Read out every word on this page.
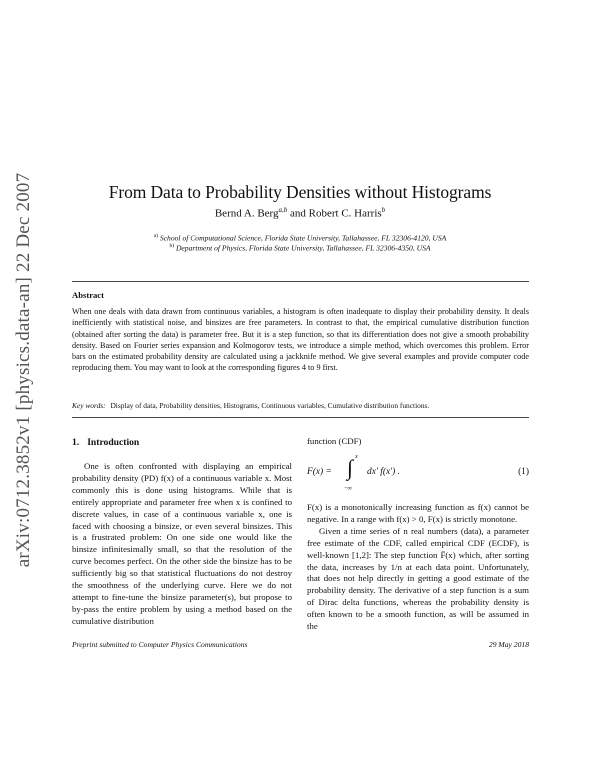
arXiv:0712.3852v1 [physics.data-an] 22 Dec 2007	From Data to Probability Densities without Histograms
Bernd A. Berg$^{a,b}$ and Robert C. Harris$^b$
$^{a)}$ School of Computational Science, Florida State University, Tallahassee, FL 32306-4120, USA
$^{b)}$ Department of Physics, Florida State University, Tallahassee, FL 32306-4350, USA
Abstract
When one deals with data drawn from continuous variables, a histogram is often inadequate to display their probability density. It deals inefficiently with statistical noise, and binsizes are free parameters. In contrast to that, the empirical cumulative distribution function (obtained after sorting the data) is parameter free. But it is a step function, so that its differentiation does not give a smooth probability density. Based on Fourier series expansion and Kolmogorov tests, we introduce a simple method, which overcomes this problem. Error bars on the estimated probability density are calculated using a jackknife method. We give several examples and provide computer code reproducing them. You may want to look at the corresponding figures 4 to 9 first.
Key words: Display of data, Probability densities, Histograms, Continuous variables, Cumulative distribution functions.
1. Introduction

One is often confronted with displaying an empirical probability density (PD) f(x) of a continuous variable x. Most commonly this is done using histograms. While that is entirely appropriate and parameter free when x is confined to discrete values, in case of a continuous variable x, one is faced with choosing a binsize, or even several binsizes. This is a frustrated problem: On one side one would like the binsize infinitesimally small, so that the resolution of the curve becomes perfect. On the other side the binsize has to be sufficiently big so that statistical fluctuations do not destroy the smoothness of the underlying curve. Here we do not attempt to fine-tune the binsize parameter(s), but propose to by-pass the entire problem by using a method based on the cumulative distribution

function (CDF)

F(x) = ∫ x
−∞
dx′ f(x′) .	(1)

F(x) is a monotonically increasing function as f(x) cannot be negative. In a range with f(x) > 0, F(x) is strictly monotone.

Given a time series of n real numbers (data), a parameter free estimate of the CDF, called empirical CDF (ECDF), is well-known [1,2]: The step function F̄(x) which, after sorting the data, increases by 1/n at each data point. Unfortunately, that does not help directly in getting a good estimate of the probability density. The derivative of a step function is a sum of Dirac delta functions, whereas the probability density is often known to be a smooth function, as will be assumed in the

Preprint submitted to Computer Physics Communications	29 May 2018
